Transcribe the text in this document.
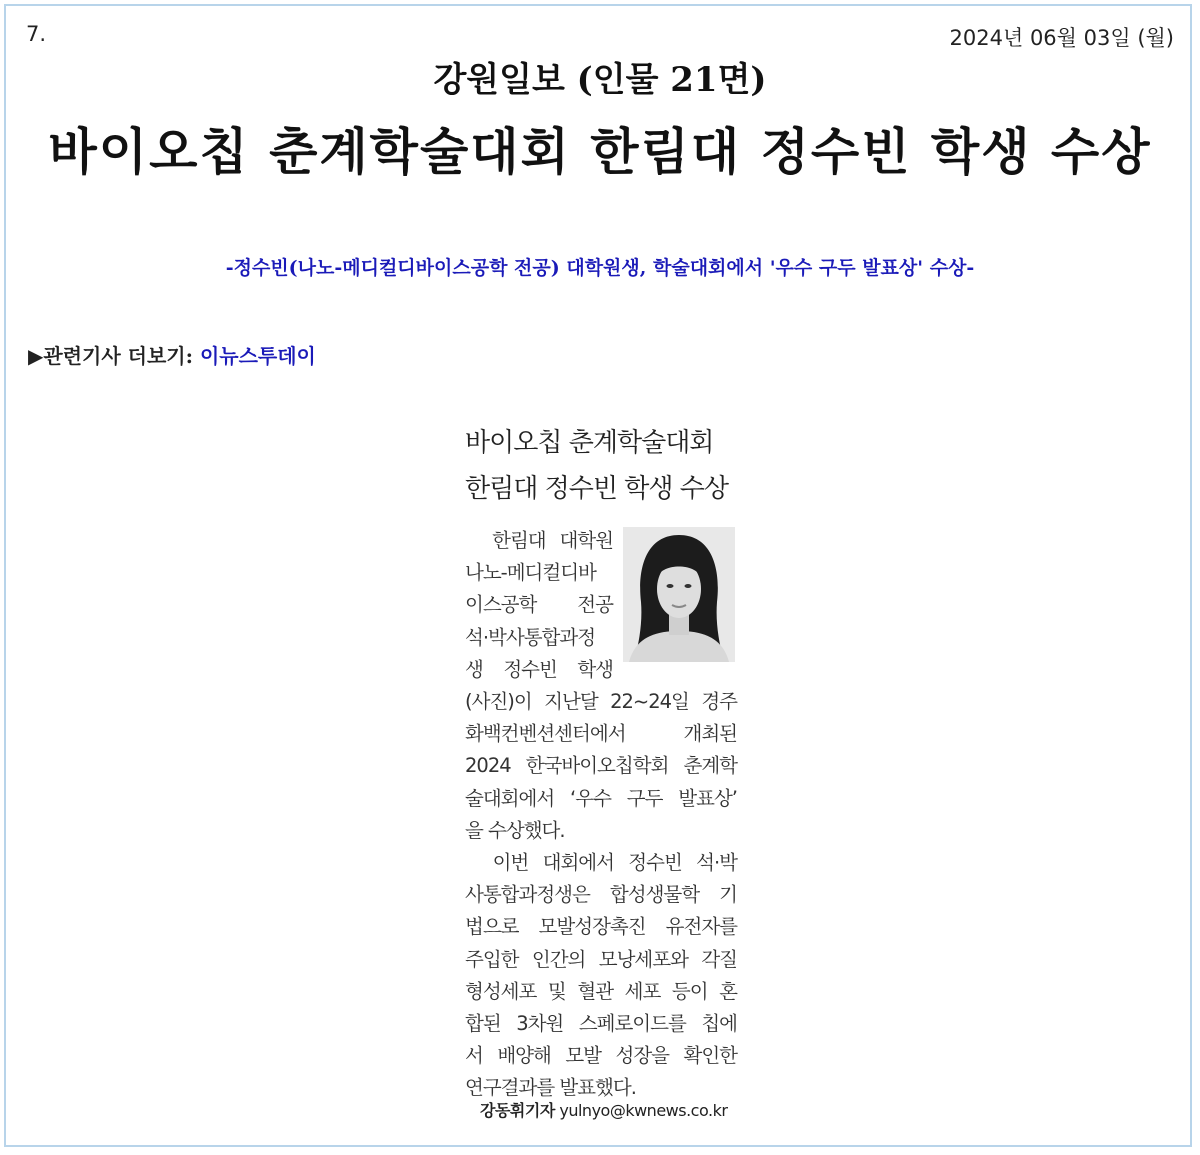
7.	2024년 06월 03일 (월)
강원일보 (인물 21면)
바이오칩 춘계학술대회 한림대 정수빈 학생 수상
-정수빈(나노-메디컬디바이스공학 전공) 대학원생, 학술대회에서 '우수 구두 발표상' 수상-
▶관련기사 더보기: 이뉴스투데이
바이오칩 춘계학술대회
한림대 정수빈 학생 수상
　한림대 대학원
나노-메디컬디바
이스공학 전공
석·박사통합과정
생 정수빈 학생
(사진)이 지난달 22~24일 경주
화백컨벤션센터에서 개최된
2024 한국바이오칩학회 춘계학
술대회에서 ‘우수 구두 발표상’
을 수상했다.
　이번 대회에서 정수빈 석·박
사통합과정생은 합성생물학 기
법으로 모발성장촉진 유전자를
주입한 인간의 모낭세포와 각질
형성세포 및 혈관 세포 등이 혼
합된 3차원 스페로이드를 칩에
서 배양해 모발 성장을 확인한
연구결과를 발표했다.
강동휘기자 yulnyo@kwnews.co.kr
